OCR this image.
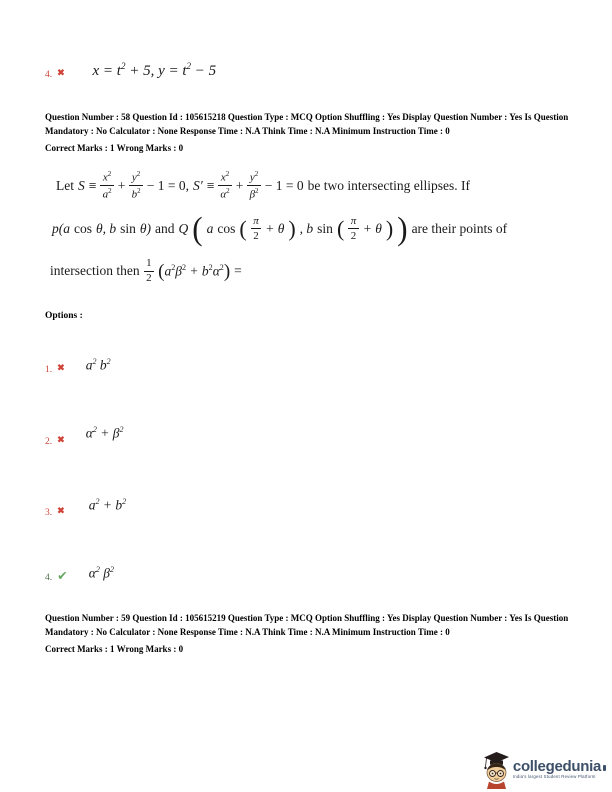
$x = t^2 + 5$, $y = t^2 - 5$

4. ✖
Question Number : 58 Question Id : 105615218 Question Type : MCQ Option Shuffling : Yes Display Question Number : Yes Is Question Mandatory : No Calculator : None Response Time : N.A Think Time : N.A Minimum Instruction Time : 0
Correct Marks : 1 Wrong Marks : 0
Let $S \equiv \frac{x^2}{a^2} + \frac{y^2}{b^2} - 1 = 0$, $S' \equiv \frac{x^2}{\alpha^2} + \frac{y^2}{\beta^2} - 1 = 0$ be two intersecting ellipses. If
p(a cos θ, b sin θ) and Q ( a cos ( $\frac{\pi}{2} + \theta$ ) , b sin ( $\frac{\pi}{2} + \theta$ ) ) are their points of
intersection then $\frac{1}{2}$ ( $a^2\beta^2 + b^2\alpha^2$ ) =
Options :

$a^2$ $b^2$

1. ✖

$\alpha^2 + \beta^2$

2. ✖

$a^2 + b^2$

3. ✖

$\alpha^2$ $\beta^2$

4. ✔
Question Number : 59 Question Id : 105615219 Question Type : MCQ Option Shuffling : Yes Display Question Number : Yes Is Question Mandatory : No Calculator : None Response Time : N.A Think Time : N.A Minimum Instruction Time : 0
Correct Marks : 1 Wrong Marks : 0
collegedunia
India's largest Student Review Platform
